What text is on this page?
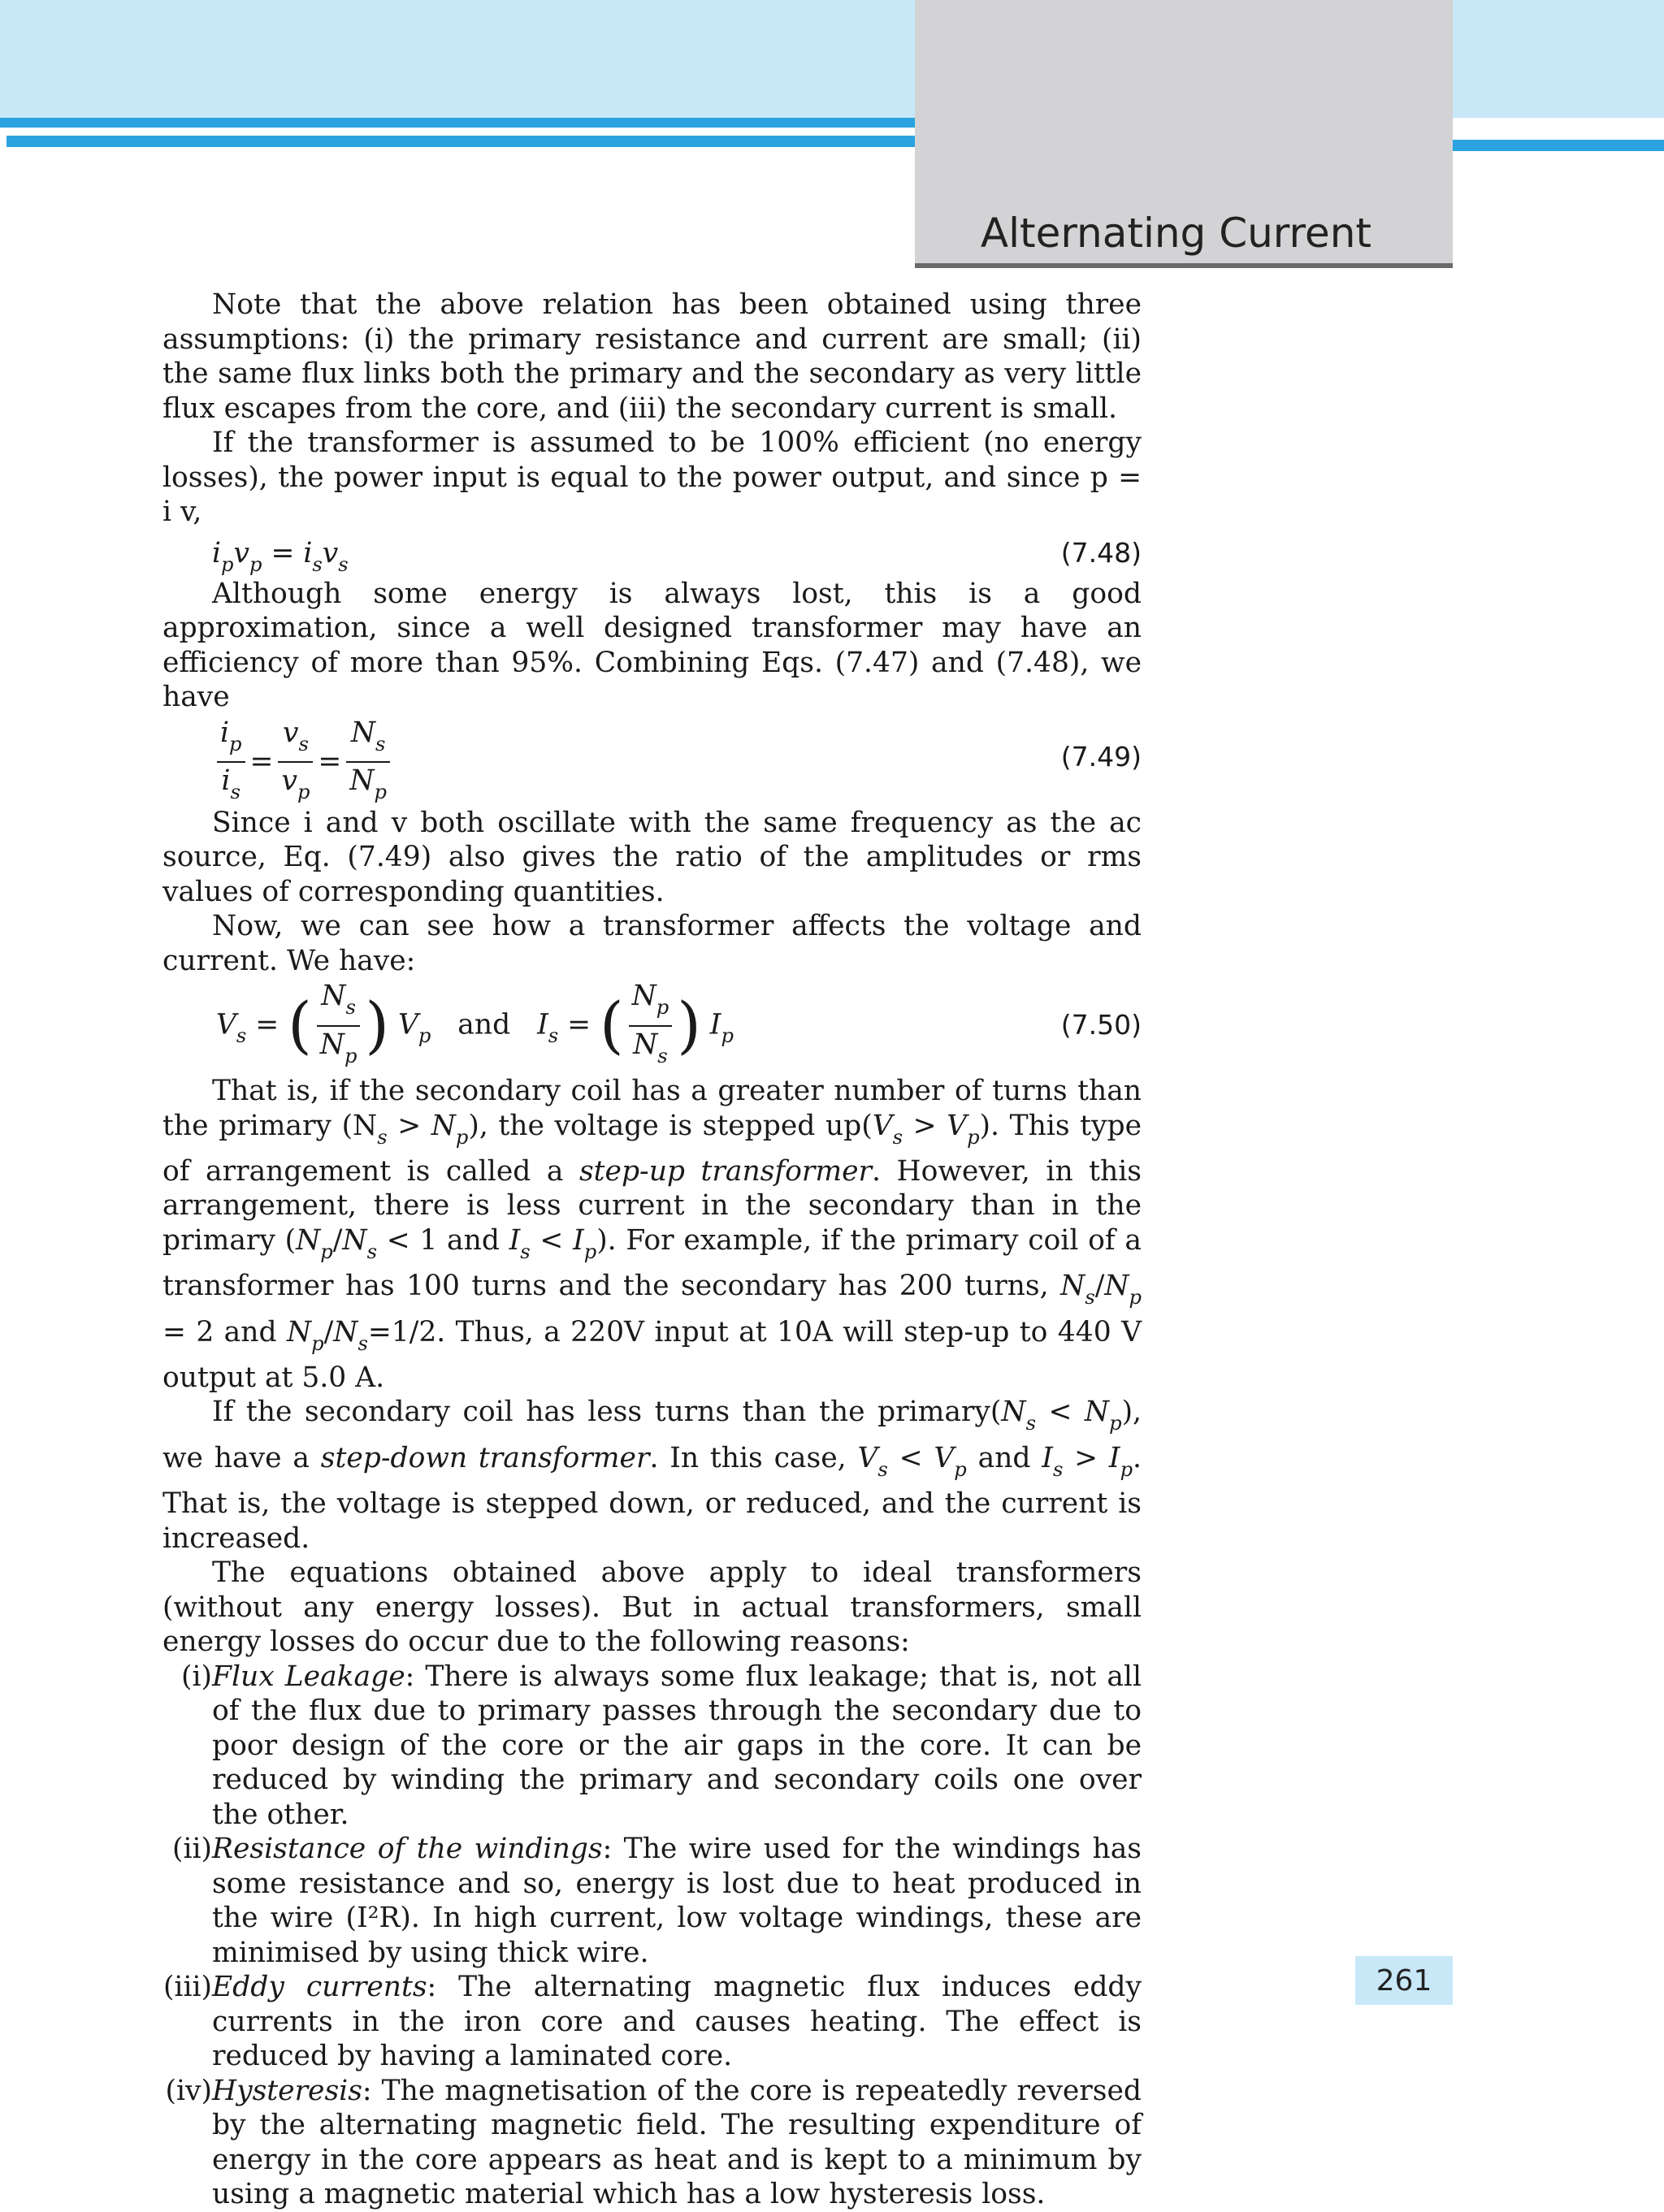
Alternating Current

Note that the above relation has been obtained using three assumptions: (i) the primary resistance and current are small; (ii) the same flux links both the primary and the secondary as very little flux escapes from the core, and (iii) the secondary current is small.

If the transformer is assumed to be 100% efficient (no energy losses), the power input is equal to the power output, and since p = i v,

$i_pv_p = i_sv_s$	(7.48)

Although some energy is always lost, this is a good approximation, since a well designed transformer may have an efficiency of more than 95%. Combining Eqs. (7.47) and (7.48), we have

$\frac{i_p}{i_s} = \frac{v_s}{v_p} = \frac{N_s}{N_p}$	(7.49)

Since i and v both oscillate with the same frequency as the ac source, Eq. (7.49) also gives the ratio of the amplitudes or rms values of corresponding quantities.

Now, we can see how a transformer affects the voltage and current. We have:

$V_s$ = ( $\frac{N_s}{N_p}$ ) $V_p$ and $I_s$ = ( $\frac{N_p}{N_s}$ ) $I_p$	(7.50)

That is, if the secondary coil has a greater number of turns than the primary $(N_s > N_p)$, the voltage is stepped $up(V_s > V_p)$. This type of arrangement is called a step-up transformer. However, in this arrangement, there is less current in the secondary than in the primary ($N_p/N_s < 1$ and $I_s < I_p$). For example, if the primary coil of a transformer has 100 turns and the secondary has 200 turns, $N_s/N_p = 2$ and $N_p/N_s=1/2$. Thus, a 220V input at 10A will step-up to 440 V output at 5.0 A.

If the secondary coil has less turns than the $primary(N_s < N_p)$, we have a step-down transformer. In this case, $V_s < V_p$ and $I_s > I_p$. That is, the voltage is stepped down, or reduced, and the current is increased.

The equations obtained above apply to ideal transformers (without any energy losses). But in actual transformers, small energy losses do occur due to the following reasons:

(i) Flux Leakage: There is always some flux leakage; that is, not all of the flux due to primary passes through the secondary due to poor design of the core or the air gaps in the core. It can be reduced by winding the primary and secondary coils one over the other.
(ii) Resistance of the windings: The wire used for the windings has some resistance and so, energy is lost due to heat produced in the wire (I²R). In high current, low voltage windings, these are minimised by using thick wire.
(iii) Eddy currents: The alternating magnetic flux induces eddy currents in the iron core and causes heating. The effect is reduced by having a laminated core.
(iv) Hysteresis: The magnetisation of the core is repeatedly reversed by the alternating magnetic field. The resulting expenditure of energy in the core appears as heat and is kept to a minimum by using a magnetic material which has a low hysteresis loss.
261
